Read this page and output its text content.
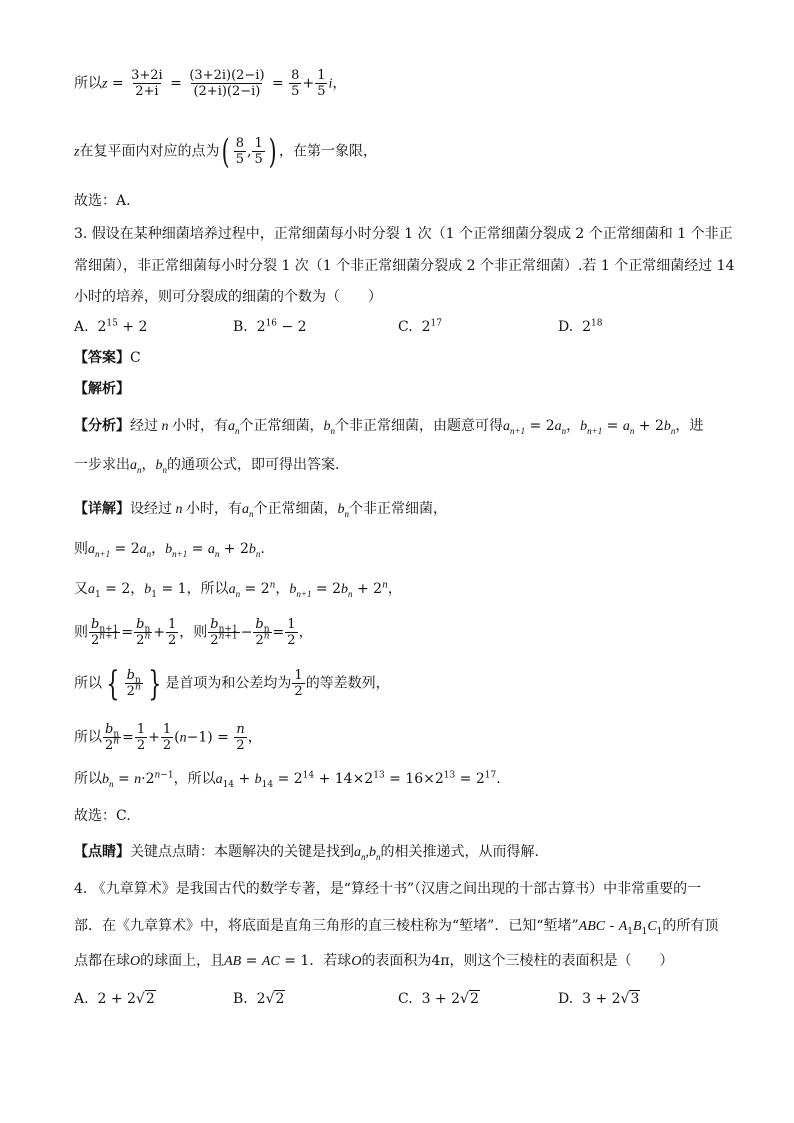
所以$z = \frac{3+2i}{2+i} = \frac{(3+2i)(2-i)}{(2+i)(2-i)} = \frac{8}{5} + \frac{1}{5}$ i，
z在复平面内对应的点为( $\frac{8}{5}$ , $\frac{1}{5}$ ) ，在第一象限，
故选：A.
3. 假设在某种细菌培养过程中，正常细菌每小时分裂 1 次（1 个正常细菌分裂成 2 个正常细菌和 1 个非正
常细菌），非正常细菌每小时分裂 1 次（1 个非正常细菌分裂成 2 个非正常细菌）.若 1 个正常细菌经过 14
小时的培养，则可分裂成的细菌的个数为（　　）
A. $2^{15} + 2$	B. $2^{16} - 2$	C. $2^{17}$	D. $2^{18}$
【答案】C
【解析】
【分析】经过 n 小时，有$a_n$个正常细菌，$b_n$个非正常细菌，由题意可得$a_{n+1} = 2a_n$，$b_{n+1} = a_n + 2b_n$，进
一步求出$a_n$，$b_n$的通项公式，即可得出答案.
【详解】设经过 n 小时，有$a_n$个正常细菌，$b_n$个非正常细菌，
则$a_{n+1} = 2a_n$，$b_{n+1} = a_n + 2b_n$.
又$a_1 = 2$，$b_1 = 1$，所以$a_n = 2^n$，$b_{n+1} = 2b_n + 2^n$，
则 $\frac{b_{n+1}}{2^{n+1}} = \frac{b_n}{2^n} + \frac{1}{2}$ ，则 $\frac{b_{n+1}}{2^{n+1}} - \frac{b_n}{2^n} = \frac{1}{2}$ ，
所以 { $\frac{b_n}{2^n}$ } 是首项为和公差均为 $\frac{1}{2}$ 的等差数列，
所以 $\frac{b_n}{2^n} = \frac{1}{2} + \frac{1}{2} (n-1) = \frac{n}{2}$ ，
所以$b_n = n\cdot 2^{n-1}$，所以$a_{14} + b_{14} = 2^{14} + 14\times 2^{13} = 16\times 2^{13} = 2^{17}$.
故选：C.
【点睛】关键点点睛：本题解决的关键是找到$a_n,b_n$的相关推递式，从而得解.
4. 《九章算术》是我国古代的数学专著，是“算经十书”（汉唐之间出现的十部古算书）中非常重要的一
部．在《九章算术》中，将底面是直角三角形的直三棱柱称为“堑堵”．已知“堑堵”ABC - $A_1B_1C_1$的所有顶
点都在球O的球面上，且AB = AC = 1．若球O的表面积为4π，则这个三棱柱的表面积是（　　）
A. 2 + 2√2	B. 2√2	C. 3 + 2√2	D. 3 + 2√3
